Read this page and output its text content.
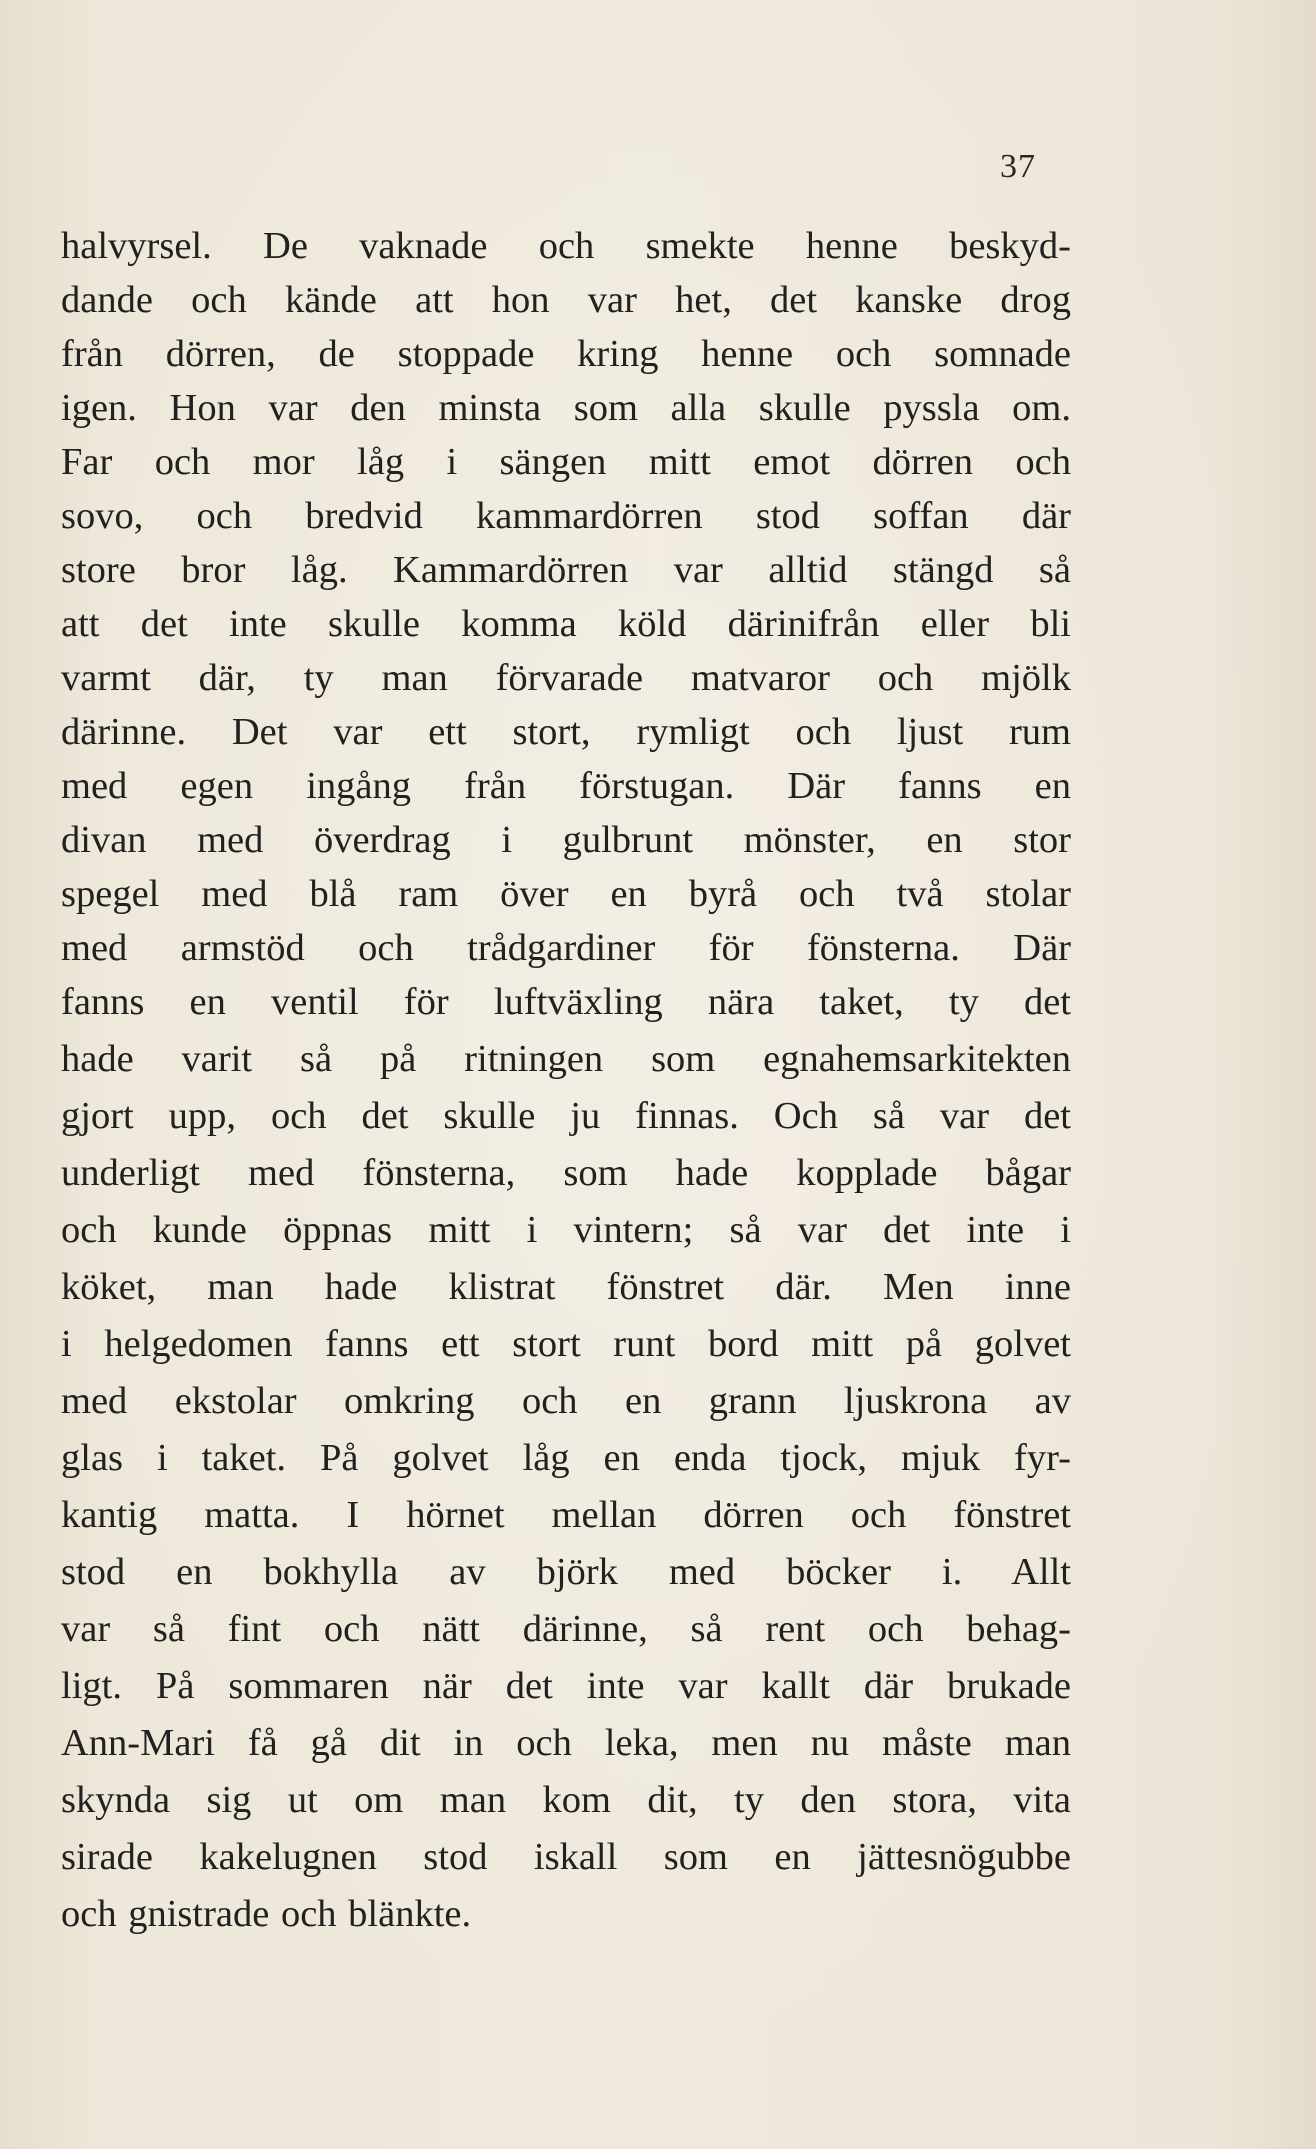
37
halvyrsel. De vaknade och smekte henne beskyd-
dande och kände att hon var het, det kanske drog
från dörren, de stoppade kring henne och somnade
igen. Hon var den minsta som alla skulle pyssla om.
Far och mor låg i sängen mitt emot dörren och
sovo, och bredvid kammardörren stod soffan där
store bror låg. Kammardörren var alltid stängd så
att det inte skulle komma köld därinifrån eller bli
varmt där, ty man förvarade matvaror och mjölk
därinne. Det var ett stort, rymligt och ljust rum
med egen ingång från förstugan. Där fanns en
divan med överdrag i gulbrunt mönster, en stor
spegel med blå ram över en byrå och två stolar
med armstöd och trådgardiner för fönsterna. Där
fanns en ventil för luftväxling nära taket, ty det
hade varit så på ritningen som egnahemsarkitekten
gjort upp, och det skulle ju finnas. Och så var det
underligt med fönsterna, som hade kopplade bågar
och kunde öppnas mitt i vintern; så var det inte i
köket, man hade klistrat fönstret där. Men inne
i helgedomen fanns ett stort runt bord mitt på golvet
med ekstolar omkring och en grann ljuskrona av
glas i taket. På golvet låg en enda tjock, mjuk fyr-
kantig matta. I hörnet mellan dörren och fönstret
stod en bokhylla av björk med böcker i. Allt
var så fint och nätt därinne, så rent och behag-
ligt. På sommaren när det inte var kallt där brukade
Ann-Mari få gå dit in och leka, men nu måste man
skynda sig ut om man kom dit, ty den stora, vita
sirade kakelugnen stod iskall som en jättesnögubbe
och gnistrade och blänkte.
